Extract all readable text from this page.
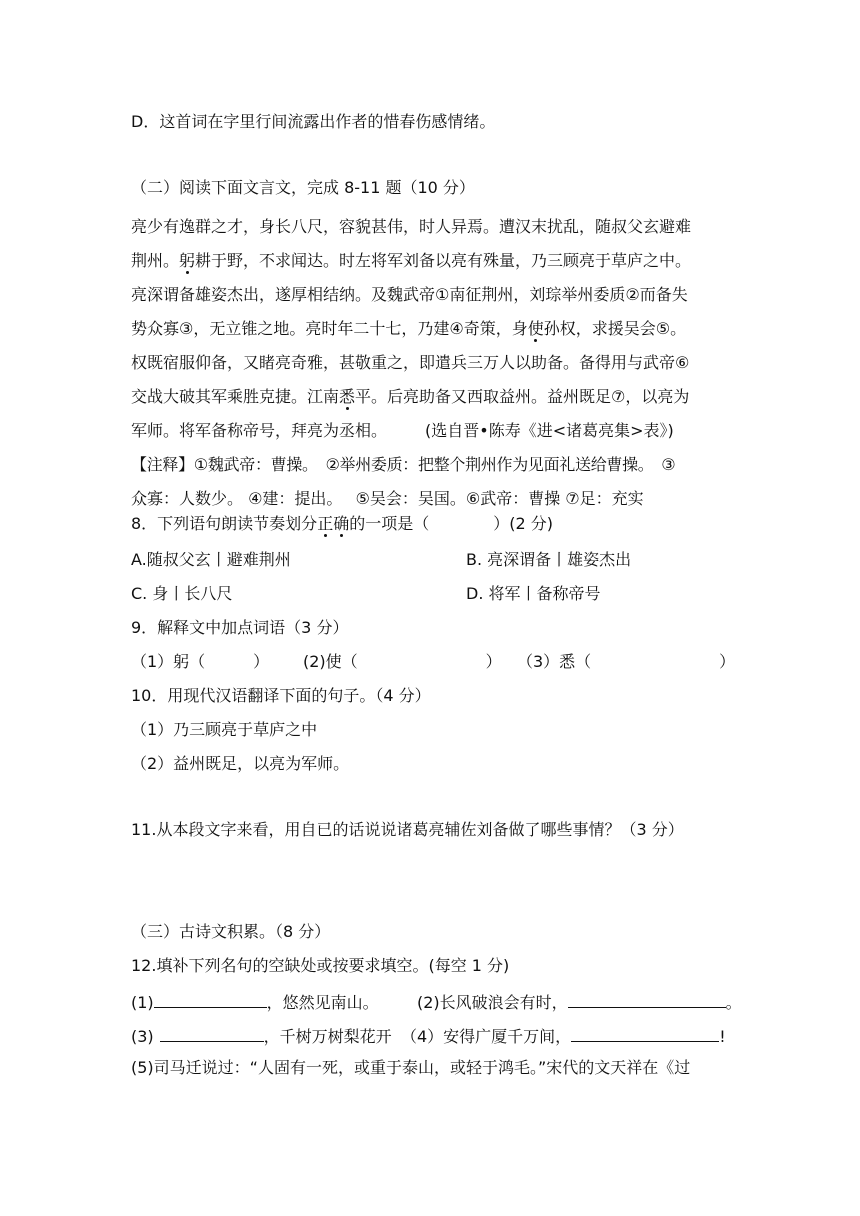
D．这首词在字里行间流露出作者的惜春伤感情绪。
（二）阅读下面文言文，完成 8-11 题（10 分）
亮少有逸群之才，身长八尺，容貌甚伟，时人异焉。遭汉末扰乱，随叔父玄避难
荆州。躬耕于野，不求闻达。时左将军刘备以亮有殊量，乃三顾亮于草庐之中。
亮深谓备雄姿杰出，遂厚相结纳。及魏武帝①南征荆州，刘琮举州委质②而备失
势众寡③，无立锥之地。亮时年二十七，乃建④奇策，身使孙权，求援吴会⑤。
权既宿服仰备，又睹亮奇雅，甚敬重之，即遣兵三万人以助备。备得用与武帝⑥
交战大破其军乘胜克捷。江南悉平。后亮助备又西取益州。益州既足⑦，以亮为
军师。将军备称帝号，拜亮为丞相。 (选自晋•陈寿《进<诸葛亮集>表》)
【注释】①魏武帝：曹操。　②举州委质：把整个荆州作为见面礼送给曹操。　③
众寡：人数少。 ④建：提出。　 ⑤吴会：吴国。⑥武帝：曹操 ⑦足：充实
8．下列语句朗读节奏划分正确的一项是（　　　　）(2 分)
A.随叔父玄丨避难荆州	B. 亮深谓备丨雄姿杰出
C. 身丨长八尺	D. 将军丨备称帝号
9．解释文中加点词语（3 分）
（1）躬（　　　） (2)使（　　　　　　　　） （3）悉（　　　　　　　　）
10．用现代汉语翻译下面的句子。（4 分）
（1）乃三顾亮于草庐之中
（2）益州既足，以亮为军师。
11.从本段文字来看，用自已的话说说诸葛亮辅佐刘备做了哪些事情？（3 分）
（三）古诗文积累。（8 分）
12.填补下列名句的空缺处或按要求填空。(每空 1 分)
(1)	，悠然见南山。 (2)长风破浪会有时，	。
(3)	，千树万树梨花开 （4）安得广厦千万间，	!
(5)司马迁说过：“人固有一死，或重于泰山，或轻于鸿毛。”宋代的文天祥在《过
